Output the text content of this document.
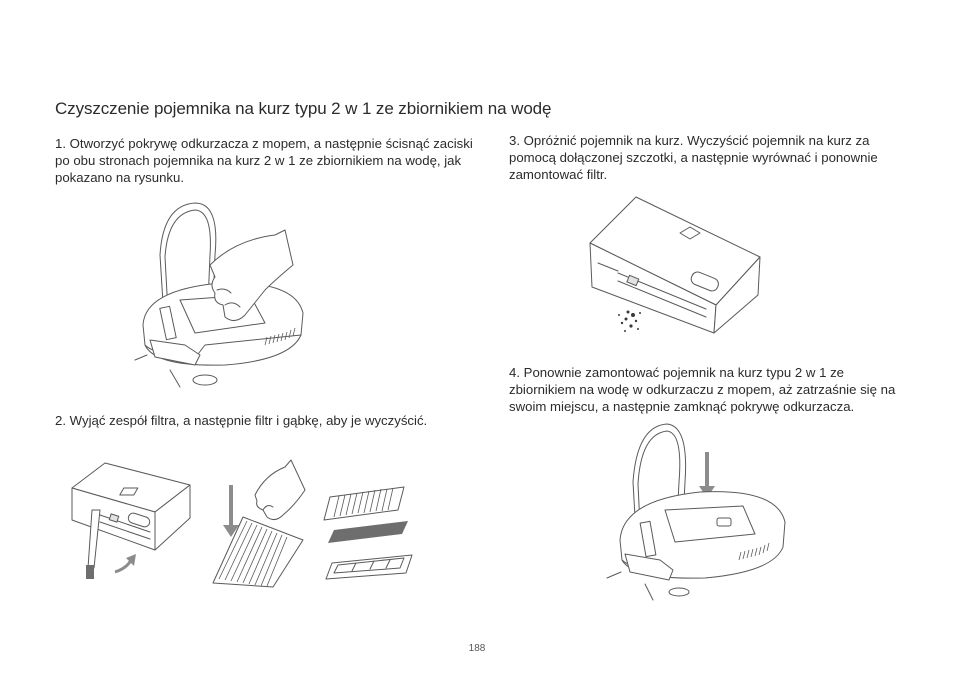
Czyszczenie pojemnika na kurz typu 2 w 1 ze zbiornikiem na wodę

1. Otworzyć pokrywę odkurzacza z mopem, a następnie ścisnąć zaciski po obu stronach pojemnika na kurz 2 w 1 ze zbiornikiem na wodę, jak pokazano na rysunku.

2. Wyjąć zespół filtra, a następnie filtr i gąbkę, aby je wyczyścić.

3. Opróżnić pojemnik na kurz. Wyczyścić pojemnik na kurz za pomocą dołączonej szczotki, a następnie wyrównać i ponownie zamontować filtr.

4. Ponownie zamontować pojemnik na kurz typu 2 w 1 ze zbiornikiem na wodę w odkurzaczu z mopem, aż zatrzaśnie się na swoim miejscu, a następnie zamknąć pokrywę odkurzacza.

188
